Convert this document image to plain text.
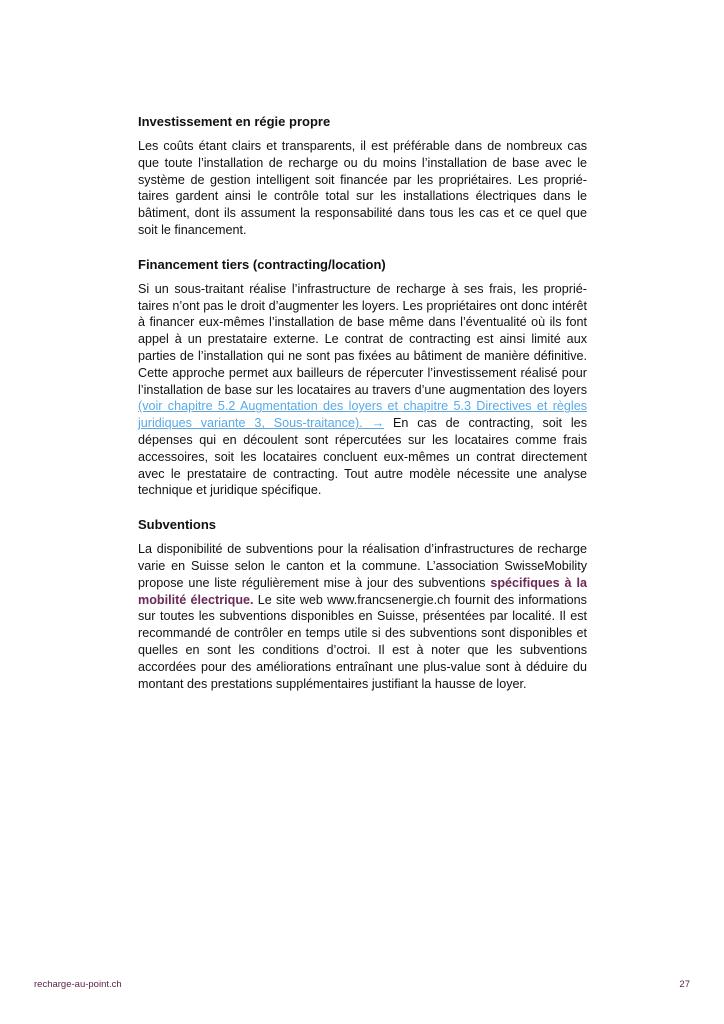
Investissement en régie propre

Les coûts étant clairs et transparents, il est préférable dans de nombreux cas que toute l’installation de recharge ou du moins l’installation de base avec le système de gestion intelligent soit financée par les propriétaires. Les propriétaires gardent ainsi le contrôle total sur les installations électriques dans le bâtiment, dont ils assument la responsabilité dans tous les cas et ce quel que soit le financement.

Financement tiers (contracting/location)

Si un sous-traitant réalise l’infrastructure de recharge à ses frais, les propriétaires n’ont pas le droit d’augmenter les loyers. Les propriétaires ont donc intérêt à financer eux-mêmes l’installation de base même dans l’éventualité où ils font appel à un prestataire externe. Le contrat de contracting est ainsi limité aux parties de l’installation qui ne sont pas fixées au bâtiment de manière définitive. Cette approche permet aux bailleurs de répercuter l’investissement réalisé pour l’installation de base sur les locataires au travers d’une augmentation des loyers (voir chapitre 5.2 Augmentation des loyers et chapitre 5.3 Directives et règles juridiques variante 3, Sous-traitance). → En cas de contracting, soit les dépenses qui en découlent sont répercutées sur les locataires comme frais accessoires, soit les locataires concluent eux-mêmes un contrat directement avec le prestataire de contracting. Tout autre modèle nécessite une analyse technique et juridique spécifique.

Subventions

La disponibilité de subventions pour la réalisation d’infrastructures de recharge varie en Suisse selon le canton et la commune. L’association SwisseMobility propose une liste régulièrement mise à jour des subventions spécifiques à la mobilité électrique. Le site web www.francsenergie.ch fournit des informations sur toutes les subventions disponibles en Suisse, présentées par localité. Il est recommandé de contrôler en temps utile si des subventions sont disponibles et quelles en sont les conditions d’octroi. Il est à noter que les subventions accordées pour des améliorations entraînant une plus-value sont à déduire du montant des prestations supplémentaires justifiant la hausse de loyer.

recharge-au-point.ch	27
